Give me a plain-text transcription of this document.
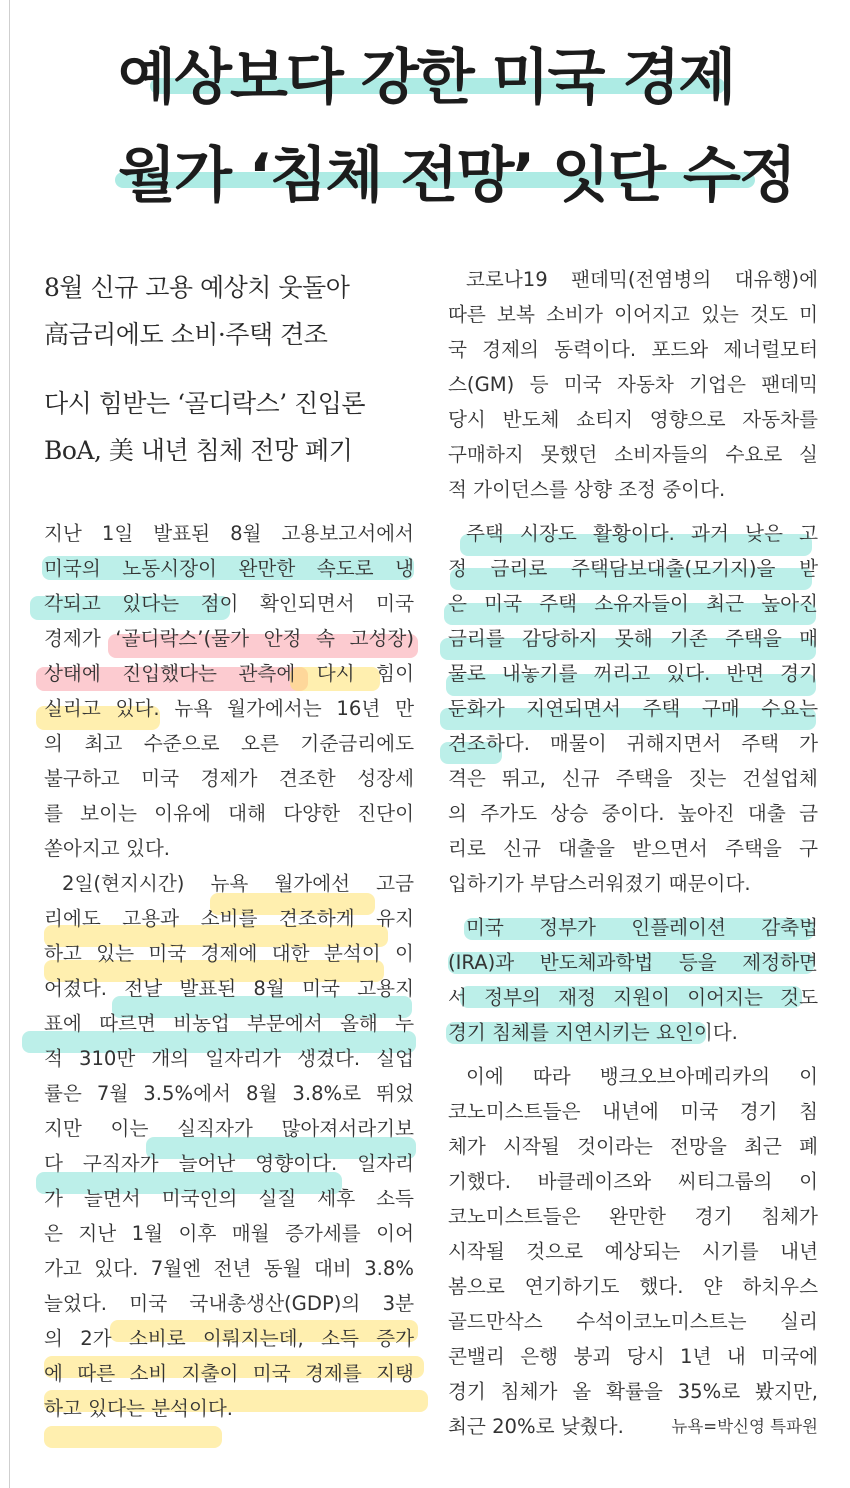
예상보다 강한 미국 경제
월가 ‘침체 전망’ 잇단 수정
8월 신규 고용 예상치 웃돌아
高금리에도 소비·주택 견조
다시 힘받는 ‘골디락스’ 진입론
BoA, 美 내년 침체 전망 폐기
지난 1일 발표된 8월 고용보고서에서
미국의 노동시장이 완만한 속도로 냉
각되고 있다는 점이 확인되면서 미국
경제가 ‘골디락스’(물가 안정 속 고성장)
상태에 진입했다는 관측에 다시 힘이
실리고 있다. 뉴욕 월가에서는 16년 만
의 최고 수준으로 오른 기준금리에도
불구하고 미국 경제가 견조한 성장세
를 보이는 이유에 대해 다양한 진단이
쏟아지고 있다.
2일(현지시간) 뉴욕 월가에선 고금
리에도 고용과 소비를 견조하게 유지
하고 있는 미국 경제에 대한 분석이 이
어졌다. 전날 발표된 8월 미국 고용지
표에 따르면 비농업 부문에서 올해 누
적 310만 개의 일자리가 생겼다. 실업
률은 7월 3.5%에서 8월 3.8%로 뛰었
지만 이는 실직자가 많아져서라기보
다 구직자가 늘어난 영향이다. 일자리
가 늘면서 미국인의 실질 세후 소득
은 지난 1월 이후 매월 증가세를 이어
가고 있다. 7월엔 전년 동월 대비 3.8%
늘었다. 미국 국내총생산(GDP)의 3분
의 2가 소비로 이뤄지는데, 소득 증가
에 따른 소비 지출이 미국 경제를 지탱
하고 있다는 분석이다.
코로나19 팬데믹(전염병의 대유행)에
따른 보복 소비가 이어지고 있는 것도 미
국 경제의 동력이다. 포드와 제너럴모터
스(GM) 등 미국 자동차 기업은 팬데믹
당시 반도체 쇼티지 영향으로 자동차를
구매하지 못했던 소비자들의 수요로 실
적 가이던스를 상향 조정 중이다.
주택 시장도 활황이다. 과거 낮은 고
정 금리로 주택담보대출(모기지)을 받
은 미국 주택 소유자들이 최근 높아진
금리를 감당하지 못해 기존 주택을 매
물로 내놓기를 꺼리고 있다. 반면 경기
둔화가 지연되면서 주택 구매 수요는
견조하다. 매물이 귀해지면서 주택 가
격은 뛰고, 신규 주택을 짓는 건설업체
의 주가도 상승 중이다. 높아진 대출 금
리로 신규 대출을 받으면서 주택을 구
입하기가 부담스러워졌기 때문이다.
미국 정부가 인플레이션 감축법
(IRA)과 반도체과학법 등을 제정하면
서 정부의 재정 지원이 이어지는 것도
경기 침체를 지연시키는 요인이다.
이에 따라 뱅크오브아메리카의 이
코노미스트들은 내년에 미국 경기 침
체가 시작될 것이라는 전망을 최근 폐
기했다. 바클레이즈와 씨티그룹의 이
코노미스트들은 완만한 경기 침체가
시작될 것으로 예상되는 시기를 내년
봄으로 연기하기도 했다. 얀 하치우스
골드만삭스 수석이코노미스트는 실리
콘밸리 은행 붕괴 당시 1년 내 미국에
경기 침체가 올 확률을 35%로 봤지만,
최근 20%로 낮췄다.	뉴욕=박신영 특파원
